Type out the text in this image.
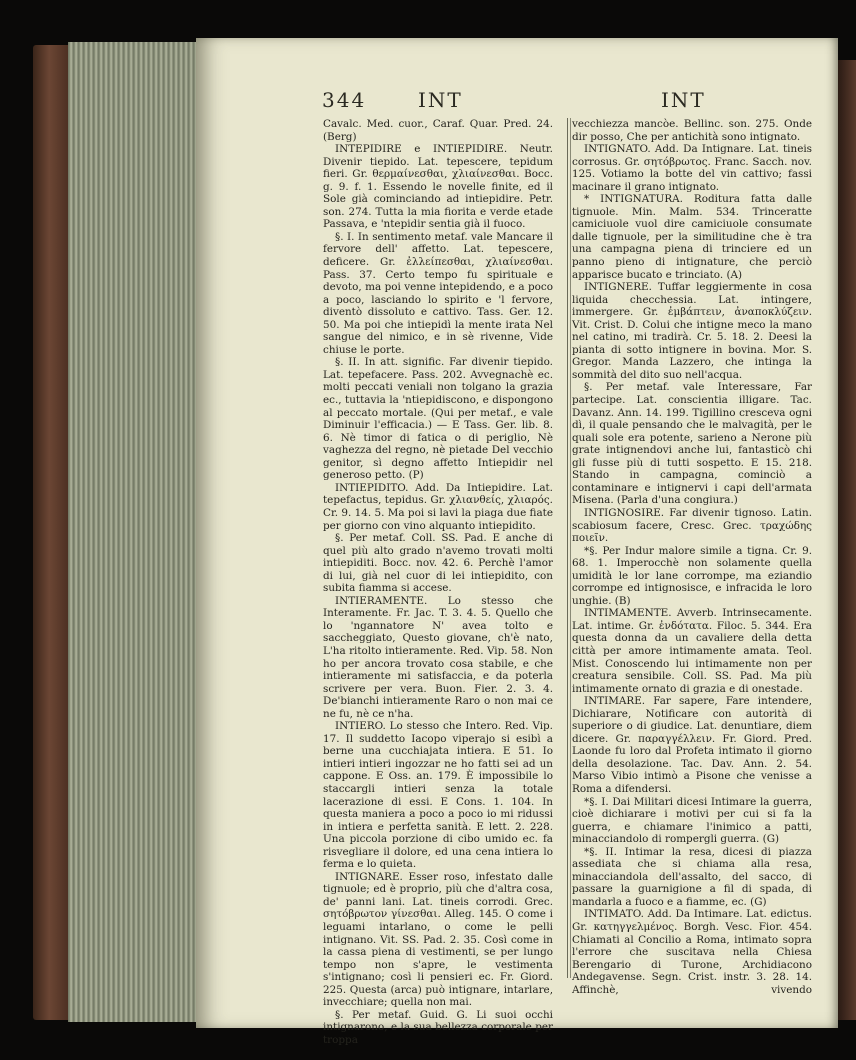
344	INT	INT

Cavalc. Med. cuor., Caraf. Quar. Pred. 24. (Berg)

INTEPIDIRE e INTIEPIDIRE. Neutr. Divenir tiepido. Lat. tepescere, tepidum fieri. Gr. θερμαίνεσθαι, χλιαίνεσθαι. Bocc. g. 9. f. 1. Essendo le novelle finite, ed il Sole già cominciando ad intiepidire. Petr. son. 274. Tutta la mia fiorita e verde etade Passava, e 'ntepidir sentia già il fuoco.

§. I. In sentimento metaf. vale Mancare il fervore dell' affetto. Lat. tepescere, deficere. Gr. ἐλλείπεσθαι, χλιαίνεσθαι. Pass. 37. Certo tempo fu spirituale e devoto, ma poi venne intepidendo, e a poco a poco, lasciando lo spirito e 'l fervore, diventò dissoluto e cattivo. Tass. Ger. 12. 50. Ma poi che intiepidì la mente irata Nel sangue del nimico, e in sè rivenne, Vide chiuse le porte.

§. II. In att. signific. Far divenir tiepido. Lat. tepefacere. Pass. 202. Avvegnachè ec. molti peccati veniali non tolgano la grazia ec., tuttavia la 'ntiepidiscono, e dispongono al peccato mortale. (Qui per metaf., e vale Diminuir l'efficacia.) — E Tass. Ger. lib. 8. 6. Nè timor di fatica o di periglio, Nè vaghezza del regno, nè pietade Del vecchio genitor, sì degno affetto Intiepidir nel generoso petto. (P)

INTIEPIDITO. Add. Da Intiepidire. Lat. tepefactus, tepidus. Gr. χλιανθείς, χλιαρός. Cr. 9. 14. 5. Ma poi si lavi la piaga due fiate per giorno con vino alquanto intiepidito.

§. Per metaf. Coll. SS. Pad. E anche di quel più alto grado n'avemo trovati molti intiepiditi. Bocc. nov. 42. 6. Perchè l'amor di lui, già nel cuor di lei intiepidito, con subita fiamma si accese.

INTIERAMENTE. Lo stesso che Interamente. Fr. Jac. T. 3. 4. 5. Quello che lo 'ngannatore N' avea tolto e saccheggiato, Questo giovane, ch'è nato, L'ha ritolto intieramente. Red. Vip. 58. Non ho per ancora trovato cosa stabile, e che intieramente mi satisfaccia, e da poterla scrivere per vera. Buon. Fier. 2. 3. 4. De'bianchi intieramente Raro o non mai ce ne fu, nè ce n'ha.

INTIERO. Lo stesso che Intero. Red. Vip. 17. Il suddetto Iacopo viperajo si esibì a berne una cucchiajata intiera. E 51. Io intieri intieri ingozzar ne ho fatti sei ad un cappone. E Oss. an. 179. È impossibile lo staccargli intieri senza la totale lacerazione di essi. E Cons. 1. 104. In questa maniera a poco a poco io mi ridussi in intiera e perfetta sanità. E lett. 2. 228. Una piccola porzione di cibo umido ec. fa risvegliare il dolore, ed una cena intiera lo ferma e lo quieta.

INTIGNARE. Esser roso, infestato dalle tignuole; ed è proprio, più che d'altra cosa, de' panni lani. Lat. tineis corrodi. Grec. σητόβρωτον γίνεσθαι. Alleg. 145. O come i leguami intarlano, o come le pelli intignano. Vit. SS. Pad. 2. 35. Così come in la cassa piena di vestimenti, se per lungo tempo non s'apre, le vestimenta s'intignano; così li pensieri ec. Fr. Giord. 225. Questa (arca) può intignare, intarlare, invecchiare; quella non mai.

§. Per metaf. Guid. G. Li suoi occhi intignarono, e la sua bellezza corporale per troppa

vecchiezza mancòe. Bellinc. son. 275. Onde dir posso, Che per antichità sono intignato.

INTIGNATO. Add. Da Intignare. Lat. tineis corrosus. Gr. σητόβρωτος. Franc. Sacch. nov. 125. Votiamo la botte del vin cattivo; fassi macinare il grano intignato.

* INTIGNATURA. Roditura fatta dalle tignuole. Min. Malm. 534. Trinceratte camiciuole vuol dire camiciuole consumate dalle tignuole, per la similitudine che è tra una campagna piena di trinciere ed un panno pieno di intignature, che perciò apparisce bucato e trinciato. (A)

INTIGNERE. Tuffar leggiermente in cosa liquida checchessia. Lat. intingere, immergere. Gr. ἐμβάπτειν, ἀναποκλύζειν. Vit. Crist. D. Colui che intigne meco la mano nel catino, mi tradirà. Cr. 5. 18. 2. Deesi la pianta di sotto intignere in bovina. Mor. S. Gregor. Manda Lazzero, che intinga la sommità del dito suo nell'acqua.

§. Per metaf. vale Interessare, Far partecipe. Lat. conscientia illigare. Tac. Davanz. Ann. 14. 199. Tigillino cresceva ogni dì, il quale pensando che le malvagità, per le quali sole era potente, sarieno a Nerone più grate intignendovi anche lui, fantasticò chi gli fusse più di tutti sospetto. E 15. 218. Stando in campagna, cominciò a contaminare e intignervi i capi dell'armata Misena. (Parla d'una congiura.)

INTIGNOSIRE. Far divenir tignoso. Latin. scabiosum facere, Cresc. Grec. τραχώδης ποιεῖν.

*§. Per Indur malore simile a tigna. Cr. 9. 68. 1. Imperocchè non solamente quella umidità le lor lane corrompe, ma eziandio corrompe ed intignosisce, e infracida le loro unghie. (B)

INTIMAMENTE. Avverb. Intrinsecamente. Lat. intime. Gr. ἐνδότατα. Filoc. 5. 344. Era questa donna da un cavaliere della detta città per amore intimamente amata. Teol. Mist. Conoscendo lui intimamente non per creatura sensibile. Coll. SS. Pad. Ma più intimamente ornato di grazia e di onestade.

INTIMARE. Far sapere, Fare intendere, Dichiarare, Notificare con autorità di superiore o di giudice. Lat. denuntiare, diem dicere. Gr. παραγγέλλειν. Fr. Giord. Pred. Laonde fu loro dal Profeta intimato il giorno della desolazione. Tac. Dav. Ann. 2. 54. Marso Vibio intimò a Pisone che venisse a Roma a difendersi.

*§. I. Dai Militari dicesi Intimare la guerra, cioè dichiarare i motivi per cui si fa la guerra, e chiamare l'inimico a patti, minacciandolo di rompergli guerra. (G)

*§. II. Intimar la resa, dicesi di piazza assediata che si chiama alla resa, minacciandola dell'assalto, del sacco, di passare la guarnigione a fil di spada, di mandarla a fuoco e a fiamme, ec. (G)

INTIMATO. Add. Da Intimare. Lat. edictus. Gr. κατηγγελμένος. Borgh. Vesc. Fior. 454. Chiamati al Concilio a Roma, intimato sopra l'errore che suscitava nella Chiesa Berengario di Turone, Archidiacono Andegavense. Segn. Crist. instr. 3. 28. 14. Affinchè, vivendo
